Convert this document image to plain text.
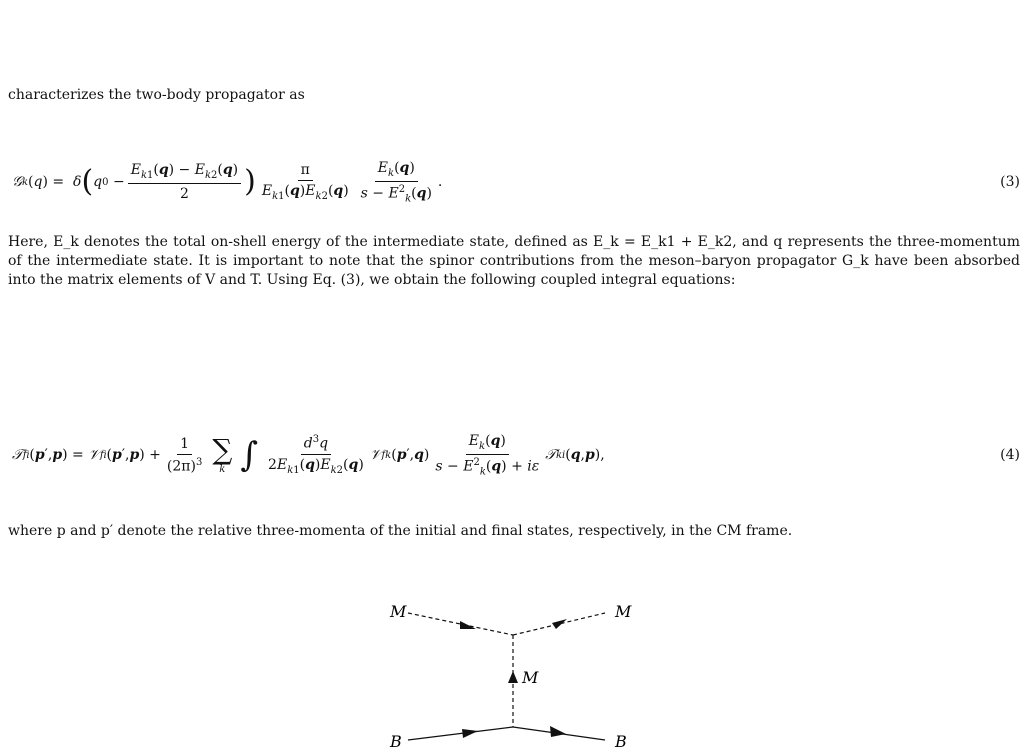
characterizes the two-body propagator as
𝒢 k ( q ) = δ ( q $0 - \frac{E_{k1}(q) - E_{k2}(q)}{2}$ ) $\frac{\pi}{E_{k1}(q)E_{k2}(q)} \frac{E_k(q)}{s - E^2_k(q)}$ .	(3)
Here, E_k denotes the total on-shell energy of the intermediate state, defined as E_k = E_k1 + E_k2, and q represents the three-momentum of the intermediate state. It is important to note that the spinor contributions from the meson–baryon propagator G_k have been absorbed into the matrix elements of V and T. Using Eq. (3), we obtain the following coupled integral equations:
𝒯 fi ( p ′, p ) = 𝒱 fi ( p ′, p ) + $\frac{1}{(2\pi)^3}$ ∑
k ∫ $\frac{d^3q}{2E_{k1}(q)E_{k2}(q)}$ 𝒱 fk ( p ′, q ) $\frac{E_k(q)}{s - E^2_k(q) + i\varepsilon}$ 𝒯 ki ( q , p ),	(4)
where p and p′ denote the relative three-momenta of the initial and final states, respectively, in the CM frame.
M	M
M
B	B
